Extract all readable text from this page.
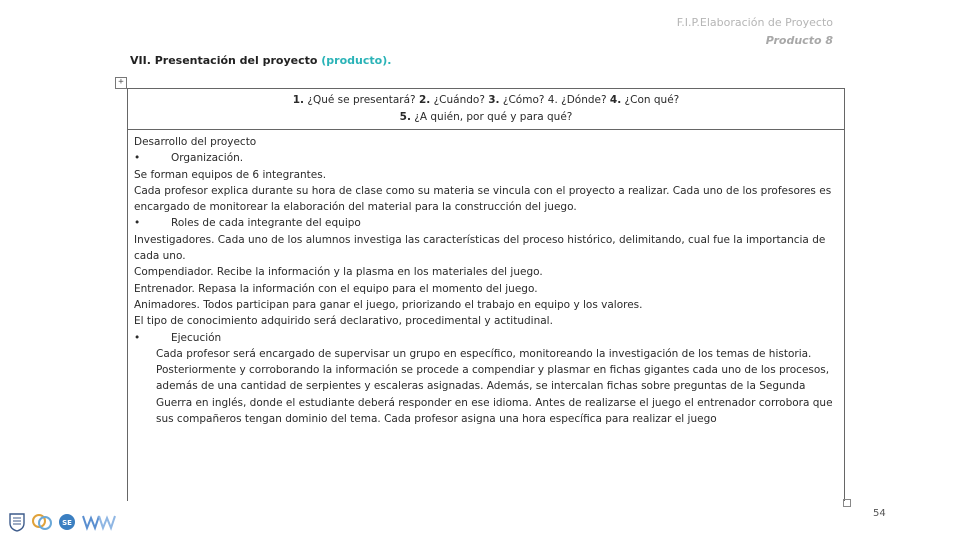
F.I.P.Elaboración de Proyecto
Producto 8
VII. Presentación del proyecto (producto).
+
1. ¿Qué se presentará? 2. ¿Cuándo? 3. ¿Cómo? 4. ¿Dónde? 4. ¿Con qué?
5. ¿A quién, por qué y para qué?

Desarrollo del proyecto

•	Organización.

Se forman equipos de 6 integrantes.

Cada profesor explica durante su hora de clase como su materia se vincula con el proyecto a realizar. Cada uno de los profesores es encargado de monitorear la elaboración del material para la construcción del juego.

•	Roles de cada integrante del equipo

Investigadores. Cada uno de los alumnos investiga las características del proceso histórico, delimitando, cual fue la importancia de cada uno.

Compendiador. Recibe la información y la plasma en los materiales del juego.

Entrenador. Repasa la información con el equipo para el momento del juego.

Animadores. Todos participan para ganar el juego, priorizando el trabajo en equipo y los valores.

El tipo de conocimiento adquirido será declarativo, procedimental y actitudinal.

•	Ejecución

Cada profesor será encargado de supervisar un grupo en específico, monitoreando la investigación de los temas de historia. Posteriormente y corroborando la información se procede a compendiar y plasmar en fichas gigantes cada uno de los procesos, además de una cantidad de serpientes y escaleras asignadas. Además, se intercalan fichas sobre preguntas de la Segunda Guerra en inglés, donde el estudiante deberá responder en ese idioma. Antes de realizarse el juego el entrenador corrobora que sus compañeros tengan dominio del tema. Cada profesor asigna una hora específica para realizar el juego

SE
54
